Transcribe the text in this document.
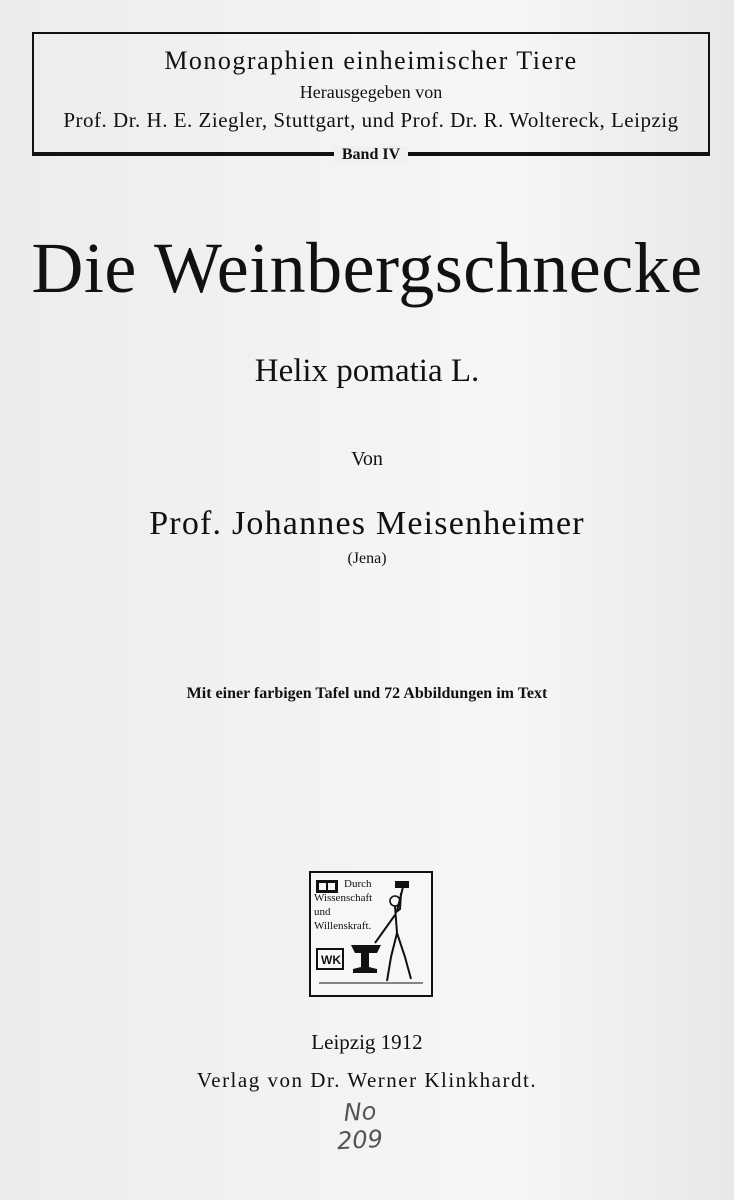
Monographien einheimischer Tiere
Herausgegeben von
Prof. Dr. H. E. Ziegler, Stuttgart, und Prof. Dr. R. Woltereck, Leipzig
Band IV
Die Weinbergschnecke
Helix pomatia L.
Von
Prof. Johannes Meisenheimer
(Jena)
Mit einer farbigen Tafel und 72 Abbildungen im Text
Durch
Wissenschaft
und
Willenskraft.
WK
Leipzig 1912
Verlag von Dr. Werner Klinkhardt.
No
209
